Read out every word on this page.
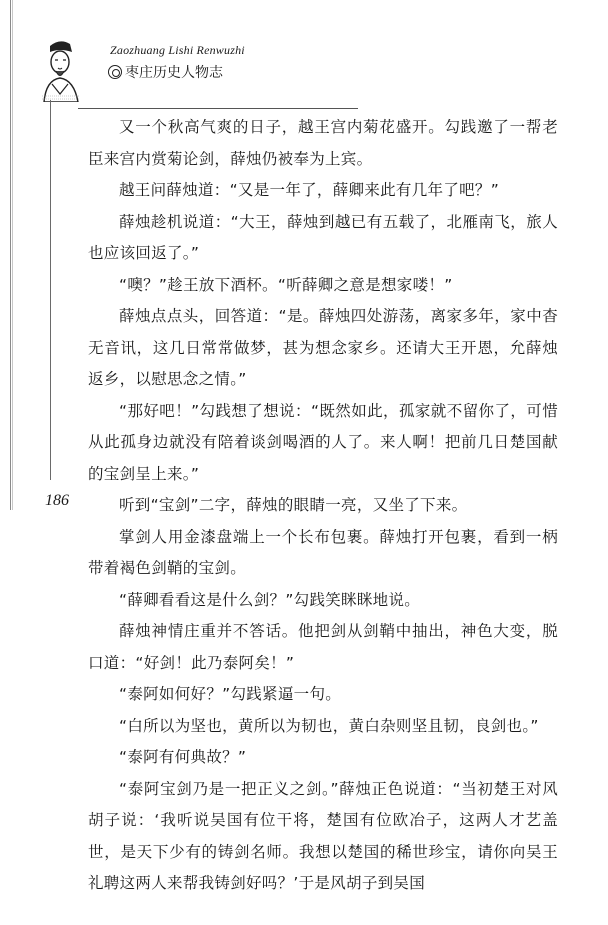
Zaozhuang Lishi Renwuzhi
枣庄历史人物志
186

又一个秋高气爽的日子，越王宫内菊花盛开。勾践邀了一帮老臣来宫内赏菊论剑，薛烛仍被奉为上宾。

越王问薛烛道：“又是一年了，薛卿来此有几年了吧？”

薛烛趁机说道：“大王，薛烛到越已有五载了，北雁南飞，旅人也应该回返了。”

“噢？”趁王放下酒杯。“听薛卿之意是想家喽！”

薛烛点点头，回答道：“是。薛烛四处游荡，离家多年，家中杳无音讯，这几日常常做梦，甚为想念家乡。还请大王开恩，允薛烛返乡，以慰思念之情。”

“那好吧！”勾践想了想说：“既然如此，孤家就不留你了，可惜从此孤身边就没有陪着谈剑喝酒的人了。来人啊！把前几日楚国献的宝剑呈上来。”

听到“宝剑”二字，薛烛的眼睛一亮，又坐了下来。

掌剑人用金漆盘端上一个长布包裹。薛烛打开包裹，看到一柄带着褐色剑鞘的宝剑。

“薛卿看看这是什么剑？”勾践笑眯眯地说。

薛烛神情庄重并不答话。他把剑从剑鞘中抽出，神色大变，脱口道：“好剑！此乃泰阿矣！”

“泰阿如何好？”勾践紧逼一句。

“白所以为坚也，黄所以为韧也，黄白杂则坚且韧，良剑也。”

“泰阿有何典故？”

“泰阿宝剑乃是一把正义之剑。”薛烛正色说道：“当初楚王对风胡子说：‘我听说吴国有位干将，楚国有位欧冶子，这两人才艺盖世，是天下少有的铸剑名师。我想以楚国的稀世珍宝，请你向吴王礼聘这两人来帮我铸剑好吗？’于是风胡子到吴国
